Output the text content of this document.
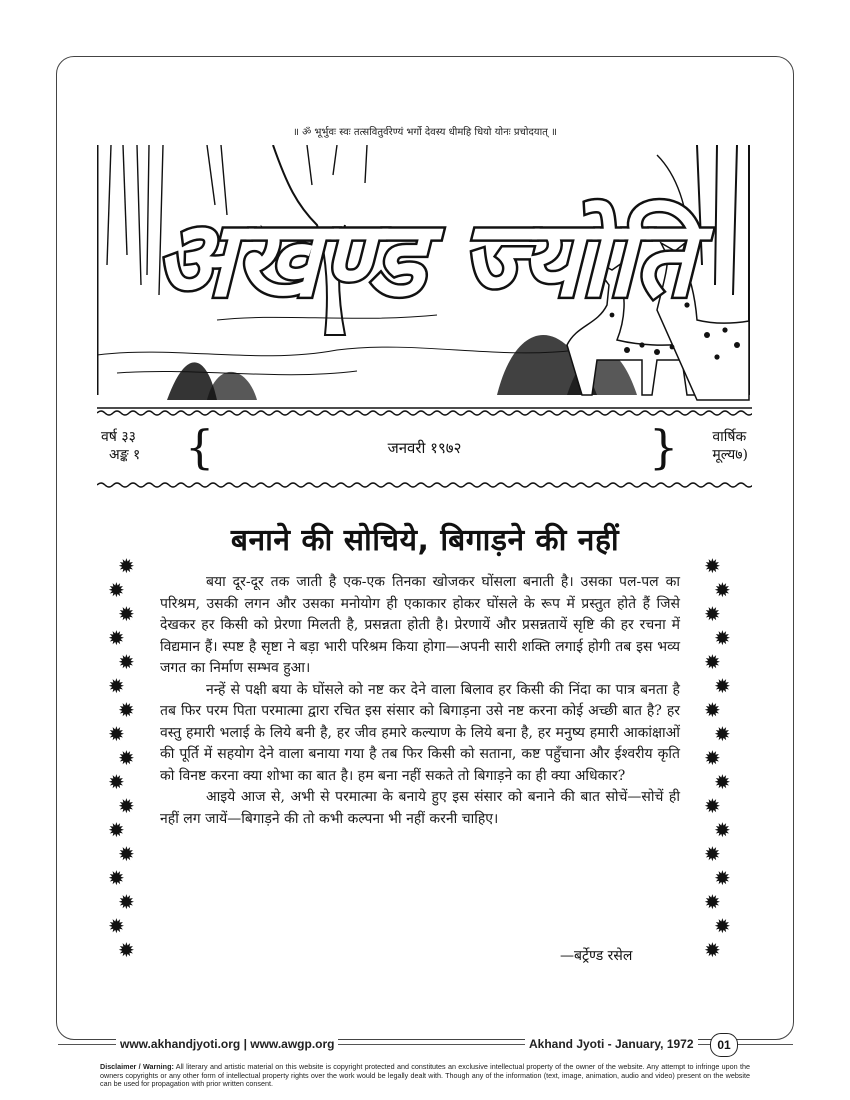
॥ ॐ भूर्भुवः स्वः तत्सवितुर्वरेण्यं भर्गो देवस्य धीमहि धियो योनः प्रचोदयात् ॥
अखण्ड ज्योति
वर्ष ३३
अङ्क १ {	जनवरी १९७२	} वार्षिक
मूल्य७)
बनाने की सोचिये, बिगाड़ने की नहीं
✹
✹
✹
✹
✹
✹
✹
✹
✹
✹
✹
✹
✹
✹
✹
✹
✹
✹
✹
✹
✹
✹
✹
✹
✹
✹
✹
✹
✹
✹
✹
✹
✹
✹

बया दूर-दूर तक जाती है एक-एक तिनका खोजकर घोंसला बनाती है। उसका पल-पल का परिश्रम, उसकी लगन और उसका मनोयोग ही एकाकार होकर घोंसले के रूप में प्रस्तुत होते हैं जिसे देखकर हर किसी को प्रेरणा मिलती है, प्रसन्नता होती है। प्रेरणायें और प्रसन्नतायें सृष्टि की हर रचना में विद्यमान हैं। स्पष्ट है सृष्टा ने बड़ा भारी परिश्रम किया होगा—अपनी सारी शक्ति लगाई होगी तब इस भव्य जगत का निर्माण सम्भव हुआ।

नन्हें से पक्षी बया के घोंसले को नष्ट कर देने वाला बिलाव हर किसी की निंदा का पात्र बनता है तब फिर परम पिता परमात्मा द्वारा रचित इस संसार को बिगाड़ना उसे नष्ट करना कोई अच्छी बात है? हर वस्तु हमारी भलाई के लिये बनी है, हर जीव हमारे कल्याण के लिये बना है, हर मनुष्य हमारी आकांक्षाओं की पूर्ति में सहयोग देने वाला बनाया गया है तब फिर किसी को सताना, कष्ट पहुँचाना और ईश्वरीय कृति को विनष्ट करना क्या शोभा का बात है। हम बना नहीं सकते तो बिगाड़ने का ही क्या अधिकार?

आइये आज से, अभी से परमात्मा के बनाये हुए इस संसार को बनाने की बात सोचें—सोचें ही नहीं लग जायें—बिगाड़ने की तो कभी कल्पना भी नहीं करनी चाहिए।

—बर्ट्रेण्ड रसेल
www.akhandjyoti.org | www.awgp.org	Akhand Jyoti - January, 1972	01
Disclaimer / Warning: All literary and artistic material on this website is copyright protected and constitutes an exclusive intellectual property of the owner of the website. Any attempt to infringe upon the owners copyrights or any other form of intellectual property rights over the work would be legally dealt with. Though any of the information (text, image, animation, audio and video) present on the website can be used for propagation with prior written consent.
